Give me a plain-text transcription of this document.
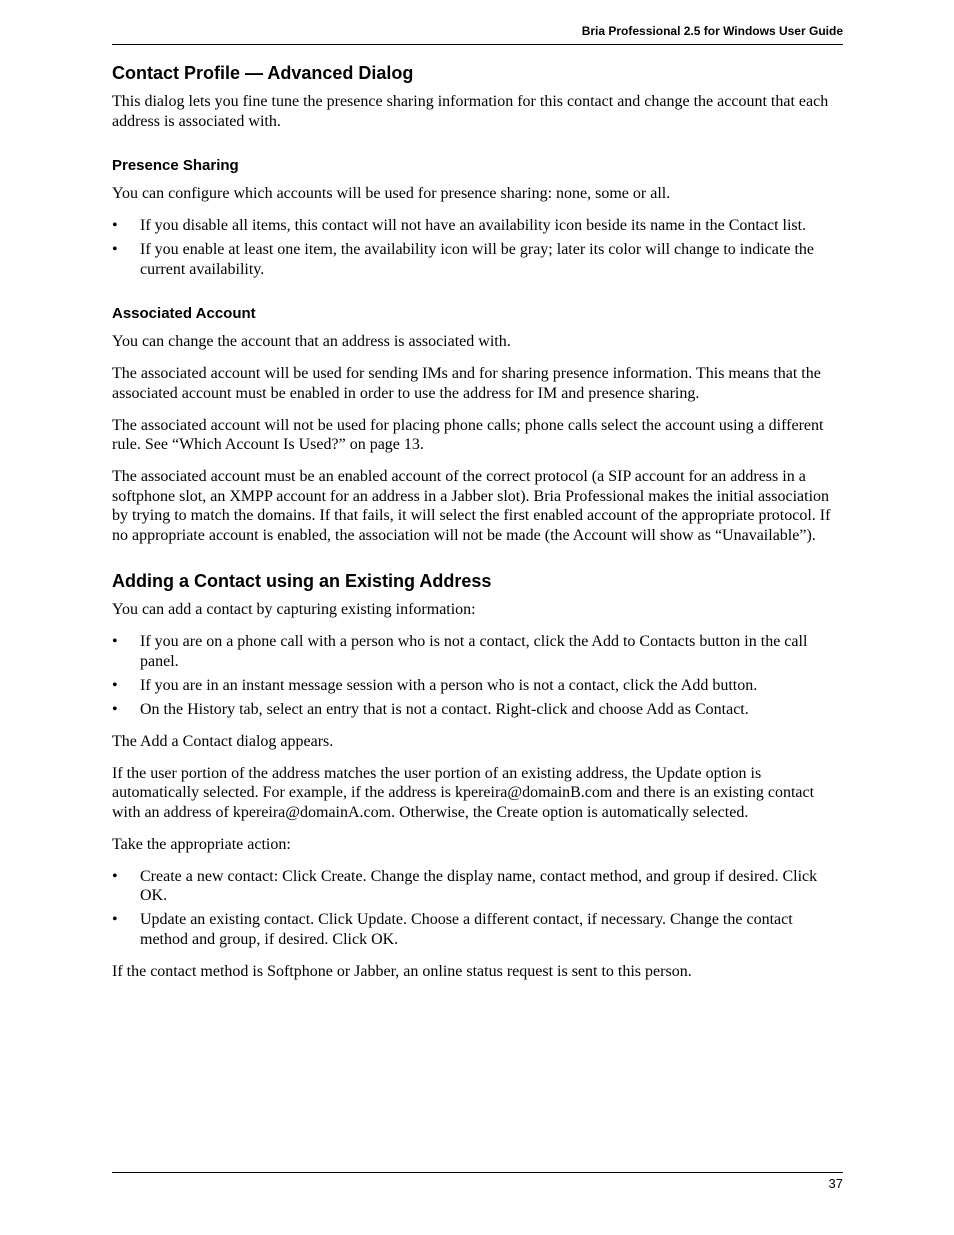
Bria Professional 2.5 for Windows User Guide
Contact Profile — Advanced Dialog

This dialog lets you fine tune the presence sharing information for this contact and change the account that each address is associated with.

Presence Sharing

You can configure which accounts will be used for presence sharing: none, some or all.

• If you disable all items, this contact will not have an availability icon beside its name in the Contact list.
• If you enable at least one item, the availability icon will be gray; later its color will change to indicate the current availability.
Associated Account

You can change the account that an address is associated with.

The associated account will be used for sending IMs and for sharing presence information. This means that the associated account must be enabled in order to use the address for IM and presence sharing.

The associated account will not be used for placing phone calls; phone calls select the account using a different rule. See “Which Account Is Used?” on page 13.

The associated account must be an enabled account of the correct protocol (a SIP account for an address in a softphone slot, an XMPP account for an address in a Jabber slot). Bria Professional makes the initial association by trying to match the domains. If that fails, it will select the first enabled account of the appropriate protocol. If no appropriate account is enabled, the association will not be made (the Account will show as “Unavailable”).

Adding a Contact using an Existing Address

You can add a contact by capturing existing information:

• If you are on a phone call with a person who is not a contact, click the Add to Contacts button in the call panel.
• If you are in an instant message session with a person who is not a contact, click the Add button.
• On the History tab, select an entry that is not a contact. Right-click and choose Add as Contact.

The Add a Contact dialog appears.

If the user portion of the address matches the user portion of an existing address, the Update option is automatically selected. For example, if the address is kpereira@domainB.com and there is an existing contact with an address of kpereira@domainA.com. Otherwise, the Create option is automatically selected.

Take the appropriate action:

• Create a new contact: Click Create. Change the display name, contact method, and group if desired. Click OK.
• Update an existing contact. Click Update. Choose a different contact, if necessary. Change the contact method and group, if desired. Click OK.

If the contact method is Softphone or Jabber, an online status request is sent to this person.

37
